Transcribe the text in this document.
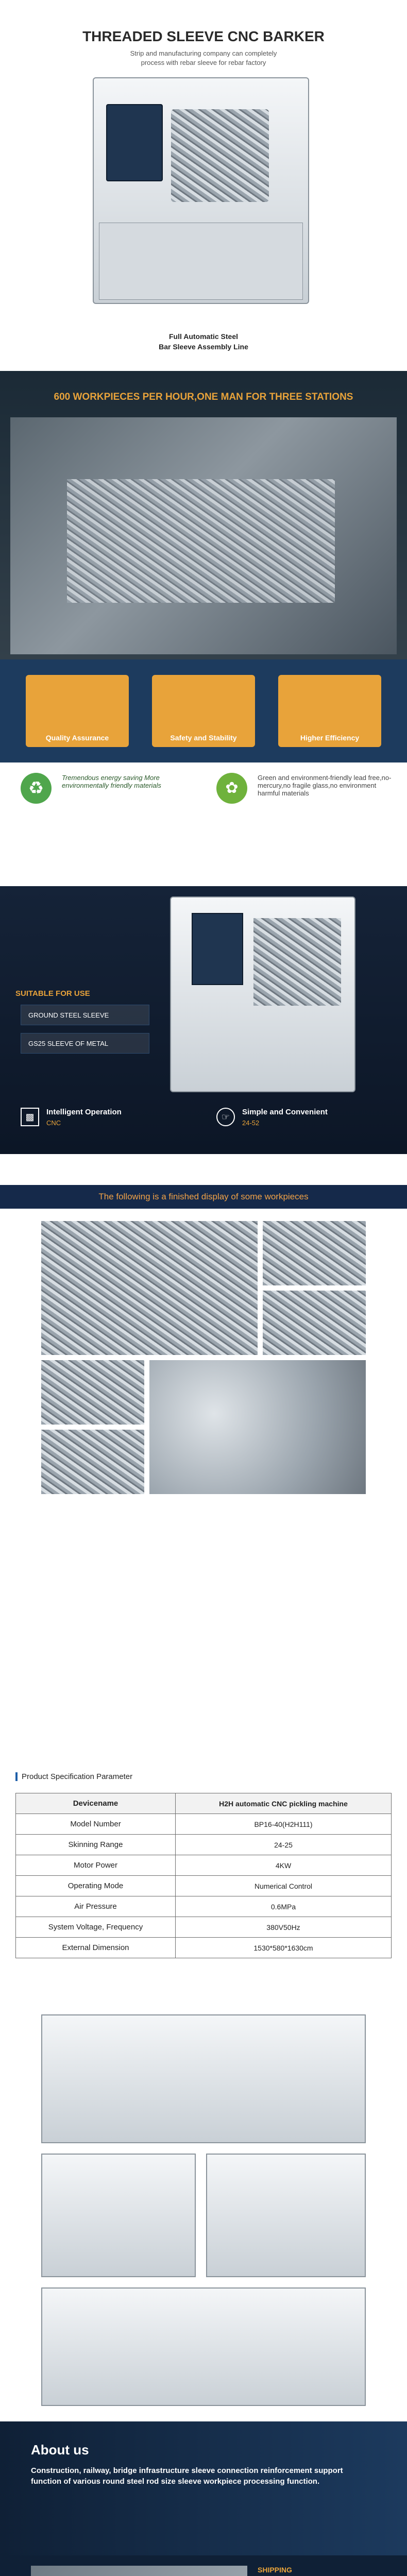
THREADED SLEEVE CNC BARKER
Strip and manufacturing company can completely
process with rebar sleeve for rebar factory
Full Automatic Steel
Bar Sleeve Assembly Line
600 WORKPIECES PER HOUR,ONE MAN FOR THREE STATIONS
Quality Assurance	Safety and Stability	Higher Efficiency
♻
Tremendous energy saving More environmentally friendly materials	✿
Green and environment-friendly lead free,no-mercury,no fragile glass,no environment harmful materials
SUITABLE FOR USE
GROUND STEEL SLEEVE
GS25 SLEEVE OF METAL
▩	Intelligent Operation
CNC
☞	Simple and Convenient
24-52
The following is a finished display of some workpieces
Product Specification Parameter
Devicename	H2H automatic CNC pickling machine
Model Number	BP16-40(H2H111)
Skinning Range	24-25
Motor Power	4KW
Operating Mode	Numerical Control
Air Pressure	0.6MPa
System Voltage, Frequency	380V50Hz
External Dimension	1530*580*1630cm
About us
Construction, railway, bridge infrastructure sleeve connection reinforcement support function of various round steel rod size sleeve workpiece processing function.
SHIPPING
